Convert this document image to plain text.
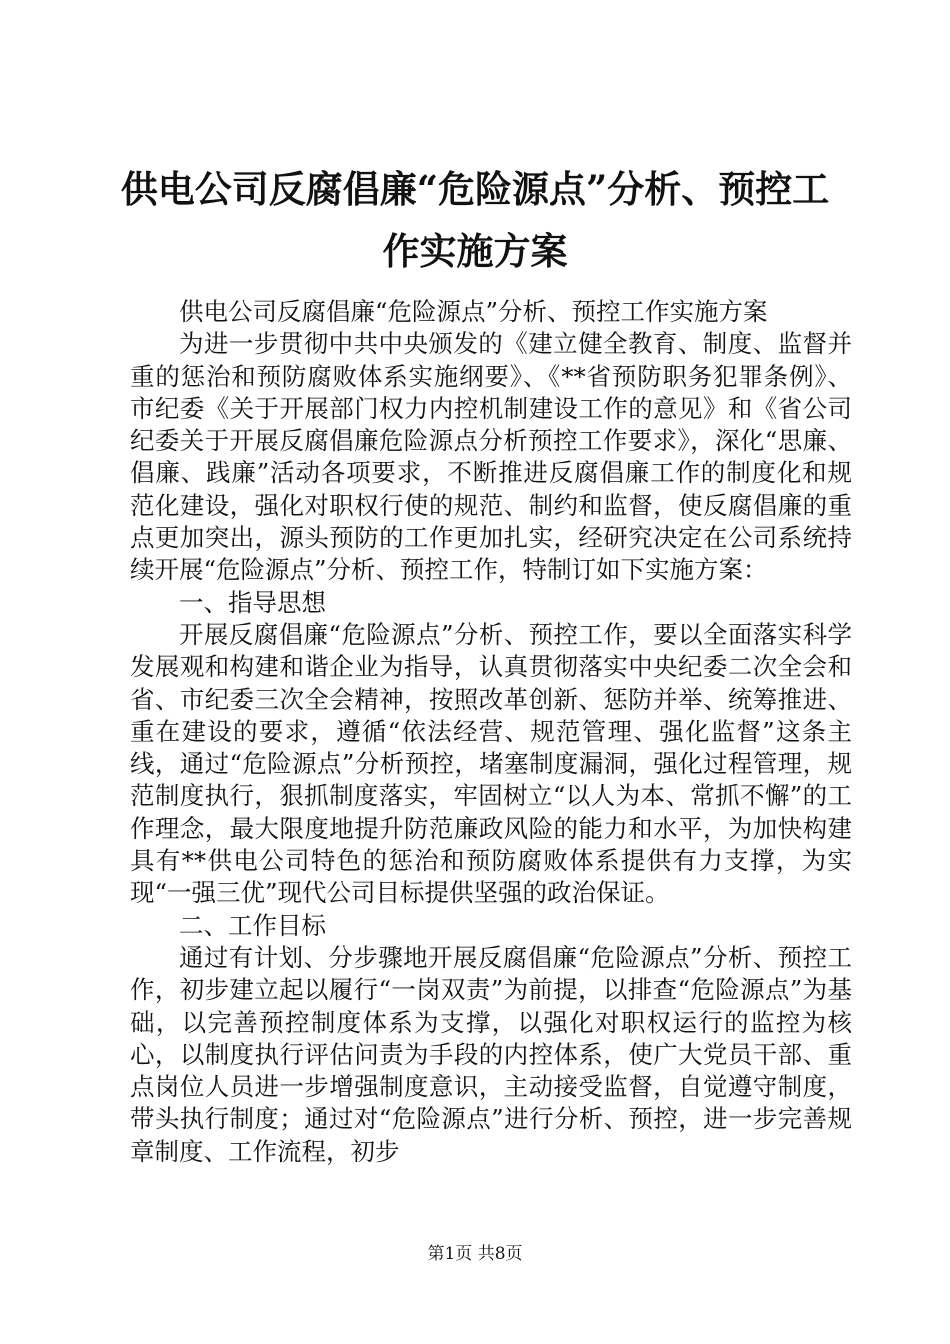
供电公司反腐倡廉“危险源点”分析、预控工作实施方案

供电公司反腐倡廉“危险源点”分析、预控工作实施方案

为进一步贯彻中共中央颁发的《建立健全教育、制度、监督并重的惩治和预防腐败体系实施纲要》、《**省预防职务犯罪条例》、市纪委《关于开展部门权力内控机制建设工作的意见》和《省公司纪委关于开展反腐倡廉危险源点分析预控工作要求》，深化“思廉、倡廉、践廉”活动各项要求，不断推进反腐倡廉工作的制度化和规范化建设，强化对职权行使的规范、制约和监督，使反腐倡廉的重点更加突出，源头预防的工作更加扎实，经研究决定在公司系统持续开展“危险源点”分析、预控工作，特制订如下实施方案：

一、指导思想

开展反腐倡廉“危险源点”分析、预控工作，要以全面落实科学发展观和构建和谐企业为指导，认真贯彻落实中央纪委二次全会和省、市纪委三次全会精神，按照改革创新、惩防并举、统筹推进、重在建设的要求，遵循“依法经营、规范管理、强化监督”这条主线，通过“危险源点”分析预控，堵塞制度漏洞，强化过程管理，规范制度执行，狠抓制度落实，牢固树立“以人为本、常抓不懈”的工作理念，最大限度地提升防范廉政风险的能力和水平，为加快构建具有**供电公司特色的惩治和预防腐败体系提供有力支撑，为实现“一强三优”现代公司目标提供坚强的政治保证。

二、工作目标

通过有计划、分步骤地开展反腐倡廉“危险源点”分析、预控工作，初步建立起以履行“一岗双责”为前提，以排查“危险源点”为基础，以完善预控制度体系为支撑，以强化对职权运行的监控为核心，以制度执行评估问责为手段的内控体系，使广大党员干部、重点岗位人员进一步增强制度意识，主动接受监督，自觉遵守制度，带头执行制度；通过对“危险源点”进行分析、预控，进一步完善规章制度、工作流程，初步

第1页 共8页
